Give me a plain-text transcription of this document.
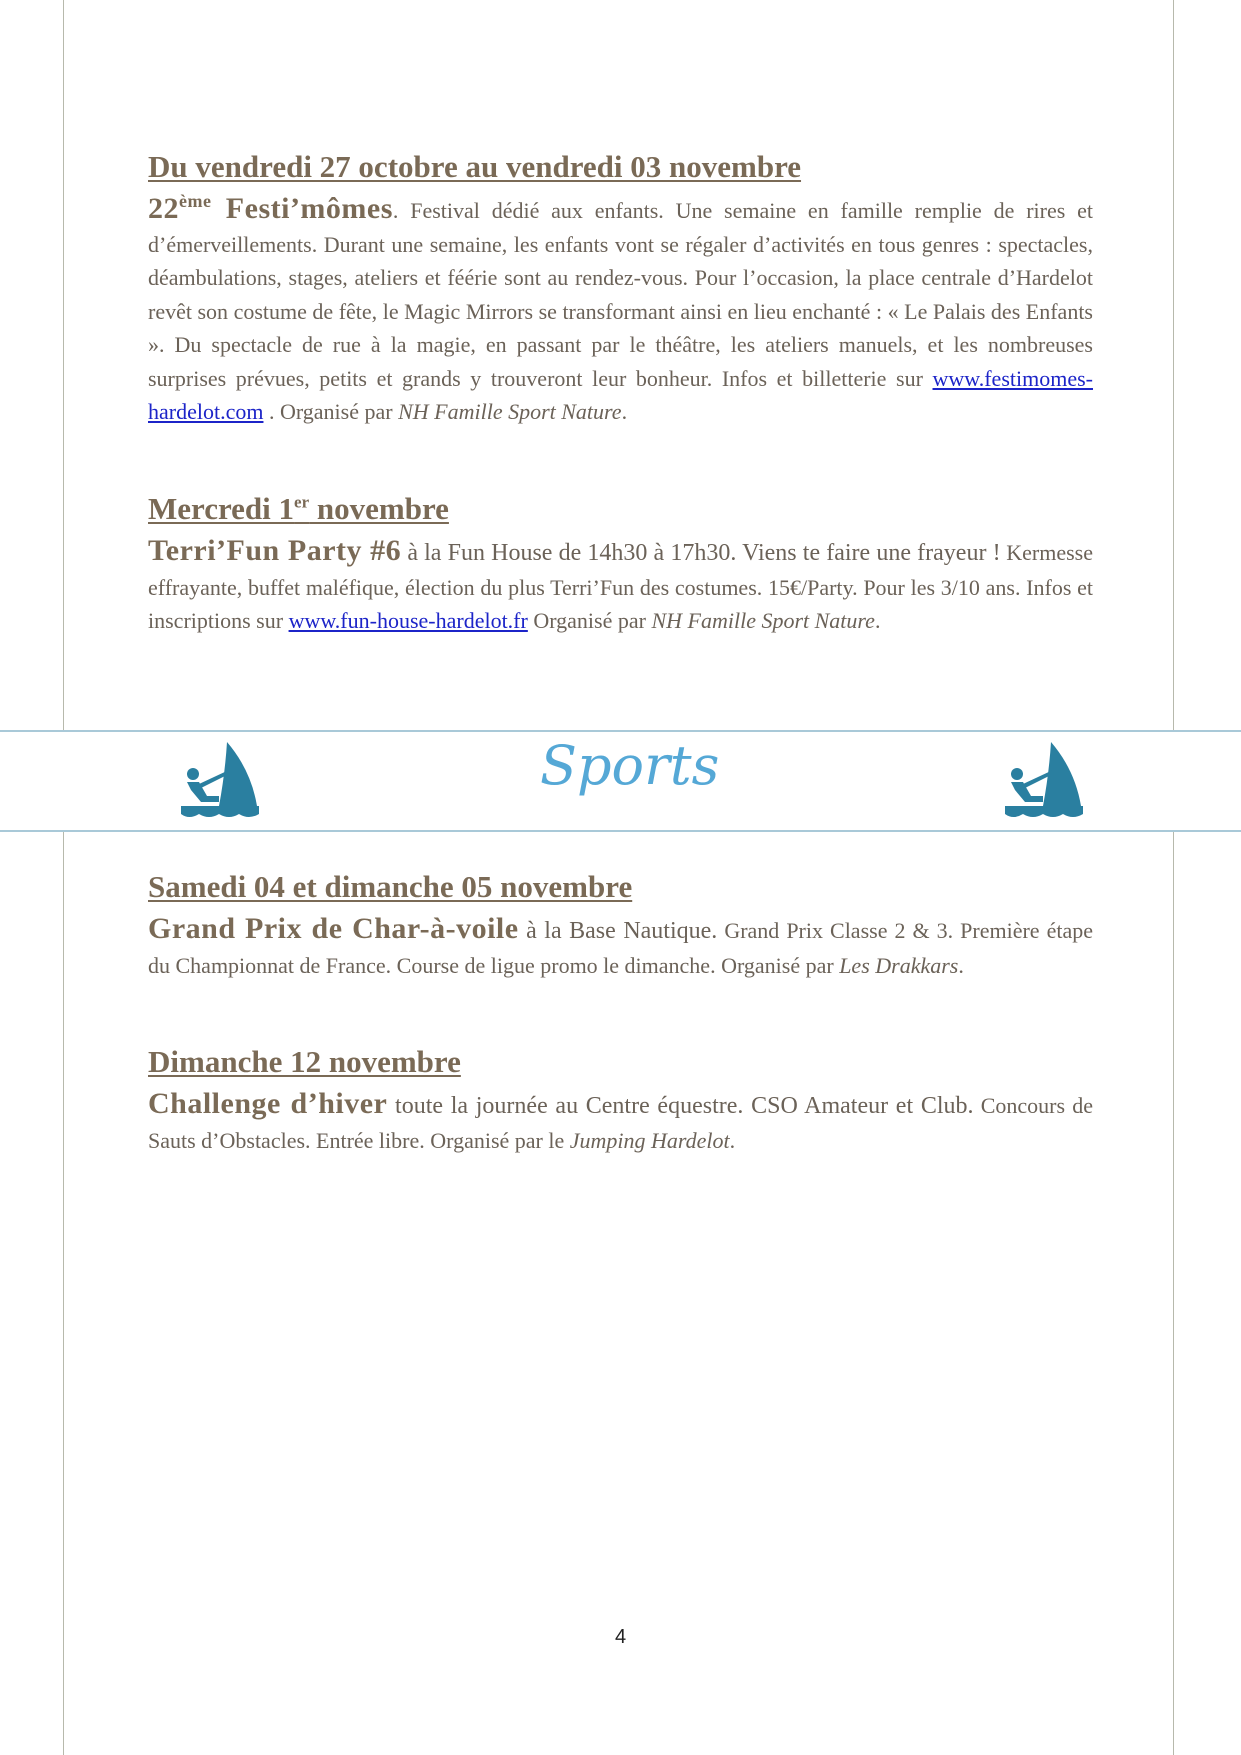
Du vendredi 27 octobre au vendredi 03 novembre

22ème Festi’mômes. Festival dédié aux enfants. Une semaine en famille remplie de rires et d’émerveillements. Durant une semaine, les enfants vont se régaler d’activités en tous genres : spectacles, déambulations, stages, ateliers et féérie sont au rendez-vous. Pour l’occasion, la place centrale d’Hardelot revêt son costume de fête, le Magic Mirrors se transformant ainsi en lieu enchanté : « Le Palais des Enfants ». Du spectacle de rue à la magie, en passant par le théâtre, les ateliers manuels, et les nombreuses surprises prévues, petits et grands y trouveront leur bonheur. Infos et billetterie sur www.festimomes-hardelot.com . Organisé par NH Famille Sport Nature.

Mercredi 1er novembre

Terri’Fun Party #6 à la Fun House de 14h30 à 17h30. Viens te faire une frayeur ! Kermesse effrayante, buffet maléfique, élection du plus Terri’Fun des costumes. 15€/Party. Pour les 3/10 ans. Infos et inscriptions sur www.fun-house-hardelot.fr Organisé par NH Famille Sport Nature.

Sports
Samedi 04 et dimanche 05 novembre

Grand Prix de Char-à-voile à la Base Nautique. Grand Prix Classe 2 & 3. Première étape du Championnat de France. Course de ligue promo le dimanche. Organisé par Les Drakkars.

Dimanche 12 novembre

Challenge d’hiver toute la journée au Centre équestre. CSO Amateur et Club. Concours de Sauts d’Obstacles. Entrée libre. Organisé par le Jumping Hardelot.

4
